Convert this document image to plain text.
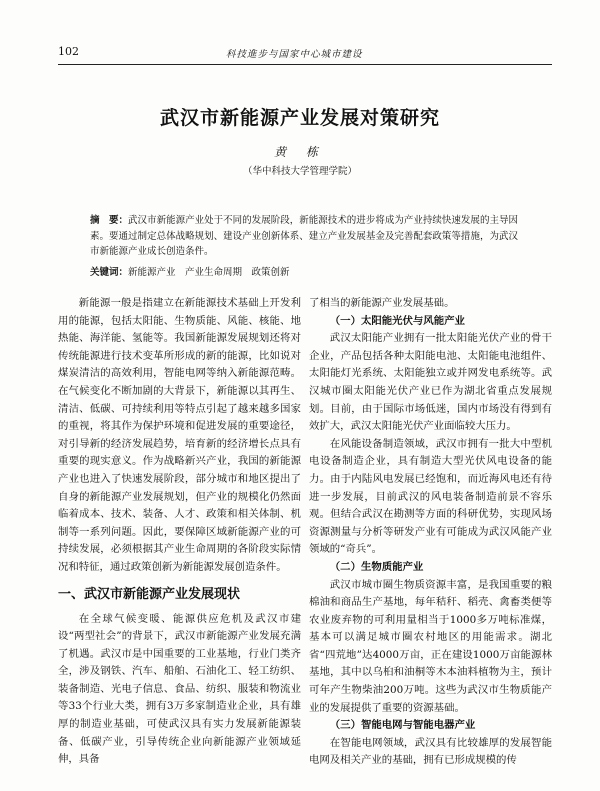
102	科技進步与国家中心城市建设
武汉市新能源产业发展对策研究
黄 栋
（华中科技大学管理学院）
摘　要：武汉市新能源产业处于不同的发展阶段，新能源技术的进步将成为产业持续快速发展的主导因素。要通过制定总体战略规划、建设产业创新体系、建立产业发展基金及完善配套政策等措施，为武汉市新能源产业成长创造条件。
关键词：新能源产业　产业生命周期　政策创新

新能源一般是指建立在新能源技术基础上开发利用的能源，包括太阳能、生物质能、风能、核能、地热能、海洋能、氢能等。我国新能源发展规划还将对传统能源进行技术变革所形成的新的能源，比如说对煤炭清洁的高效利用，智能电网等纳入新能源范畴。在气候变化不断加剧的大背景下，新能源以其再生、清洁、低碳、可持续利用等特点引起了越来越多国家的重视，将其作为保护环境和促进发展的重要途径，对引导新的经济发展趋势，培育新的经济增长点具有重要的现实意义。作为战略新兴产业，我国的新能源产业也进入了快速发展阶段，部分城市和地区提出了自身的新能源产业发展规划，但产业的规模化仍然面临着成本、技术、装备、人才、政策和相关体制、机制等一系列问题。因此，要保障区域新能源产业的可持续发展，必须根据其产业生命周期的各阶段实际情况和特征，通过政策创新为新能源发展创造条件。

一、武汉市新能源产业发展现状

在全球气候变暖、能源供应危机及武汉市建设“两型社会”的背景下，武汉市新能源产业发展充满了机遇。武汉市是中国重要的工业基地，行业门类齐全，涉及钢铁、汽车、船舶、石油化工、轻工纺织、装备制造、光电子信息、食品、纺织、服装和物流业等33个行业大类，拥有3万多家制造业企业，具有雄厚的制造业基础，可使武汉具有实力发展新能源装备、低碳产业，引导传统企业向新能源产业领域延伸，具备

了相当的新能源产业发展基础。

（一）太阳能光伏与风能产业

武汉太阳能产业拥有一批太阳能光伏产业的骨干企业，产品包括各种太阳能电池、太阳能电池组件、太阳能灯光系统、太阳能独立或并网发电系统等。武汉城市圈太阳能光伏产业已作为湖北省重点发展规划。目前，由于国际市场低迷，国内市场没有得到有效扩大，武汉太阳能光伏产业面临较大压力。

在风能设备制造领域，武汉市拥有一批大中型机电设备制造企业，具有制造大型光伏风电设备的能力。由于内陆风电发展已经饱和，而近海风电还有待进一步发展，目前武汉的风电装备制造前景不容乐观。但结合武汉在勘测等方面的科研优势，实现风场资源测量与分析等研发产业有可能成为武汉风能产业领域的“奇兵”。

（二）生物质能产业

武汉市城市圈生物质资源丰富，是我国重要的粮棉油和商品生产基地，每年秸秆、稻壳、禽畜类便等农业废弃物的可利用量相当于1000多万吨标准煤，基本可以满足城市圈农村地区的用能需求。湖北省“四荒地”达4000万亩，正在建设1000万亩能源林基地，其中以乌桕和油桐等木本油料植物为主，预计可年产生物柴油200万吨。这些为武汉市生物质能产业的发展提供了重要的资源基础。

（三）智能电网与智能电器产业

在智能电网领域，武汉具有比较雄厚的发展智能电网及相关产业的基础，拥有已形成规模的传
